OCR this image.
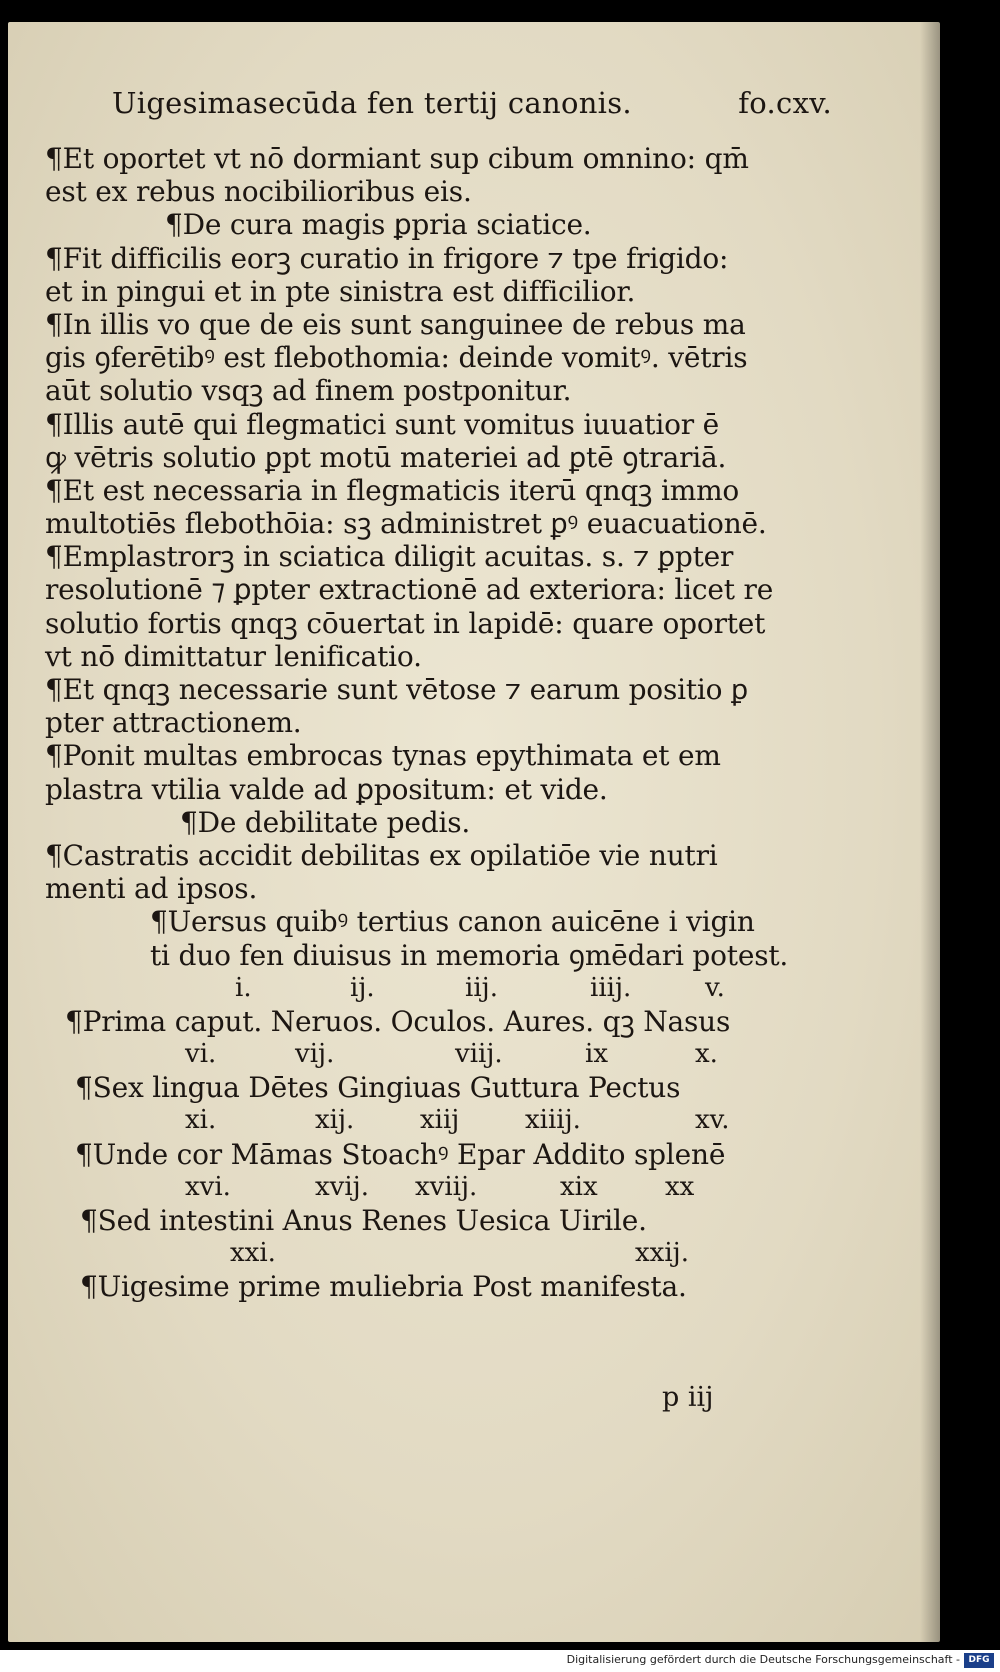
Uigesimasecūda fen tertij canonis.	fo.cxv.
¶Et oportet vt nō dormiant sup cibum omnino: qm̄
est ex rebus nocibilioribus eis.
¶De cura magis ꝑpria sciatice.
¶Fit difficilis eorꝫ curatio in frigore ⁊ tpe frigido:
et in pingui et in pte sinistra est difficilior.
¶In illis vo que de eis sunt sanguinee de rebus ma
gis ꝯferētibꝰ est flebothomia: deinde vomitꝰ. vētris
aūt solutio vsqꝫ ad finem postponitur.
¶Illis autē qui flegmatici sunt vomitus iuuatior ē
ꝙ vētris solutio ꝑpt motū materiei ad ꝑtē ꝯtrariā.
¶Et est necessaria in flegmaticis iterū qnqꝫ immo
multotiēs flebothōia: sꝫ administret ꝑꝰ euacuationē.
¶Emplastrorꝫ in sciatica diligit acuitas. s. ⁊ ꝑpter
resolutionē ⁊ ꝑpter extractionē ad exteriora: licet re
solutio fortis qnqꝫ cōuertat in lapidē: quare oportet
vt nō dimittatur lenificatio.
¶Et qnqꝫ necessarie sunt vētose ⁊ earum positio ꝑ
pter attractionem.
¶Ponit multas embrocas tynas epythimata et em
plastra vtilia valde ad ꝑpositum: et vide.
¶De debilitate pedis.
¶Castratis accidit debilitas ex opilatiōe vie nutri
menti ad ipsos.
¶Uersus quibꝰ tertius canon auicēne i vigin
ti duo fen diuisus in memoria ꝯmēdari potest.
i.	ij.	iij.	iiij.	v.
¶Prima caput. Neruos. Oculos. Aures. qꝫ Nasus
vi.	vij.	viij.	ix	x.
¶Sex lingua Dētes Gingiuas Guttura Pectus
xi.	xij.	xiij	xiiij.	xv.
¶Unde cor Māmas Stoachꝰ Epar Addito splenē
xvi.	xvij. xviij.	xix	xx
¶Sed intestini Anus Renes Uesica Uirile.
xxi.	xxij.
¶Uigesime prime muliebria Post manifesta.
p iij
Digitalisierung gefördert durch die Deutsche Forschungsgemeinschaft - DFG
